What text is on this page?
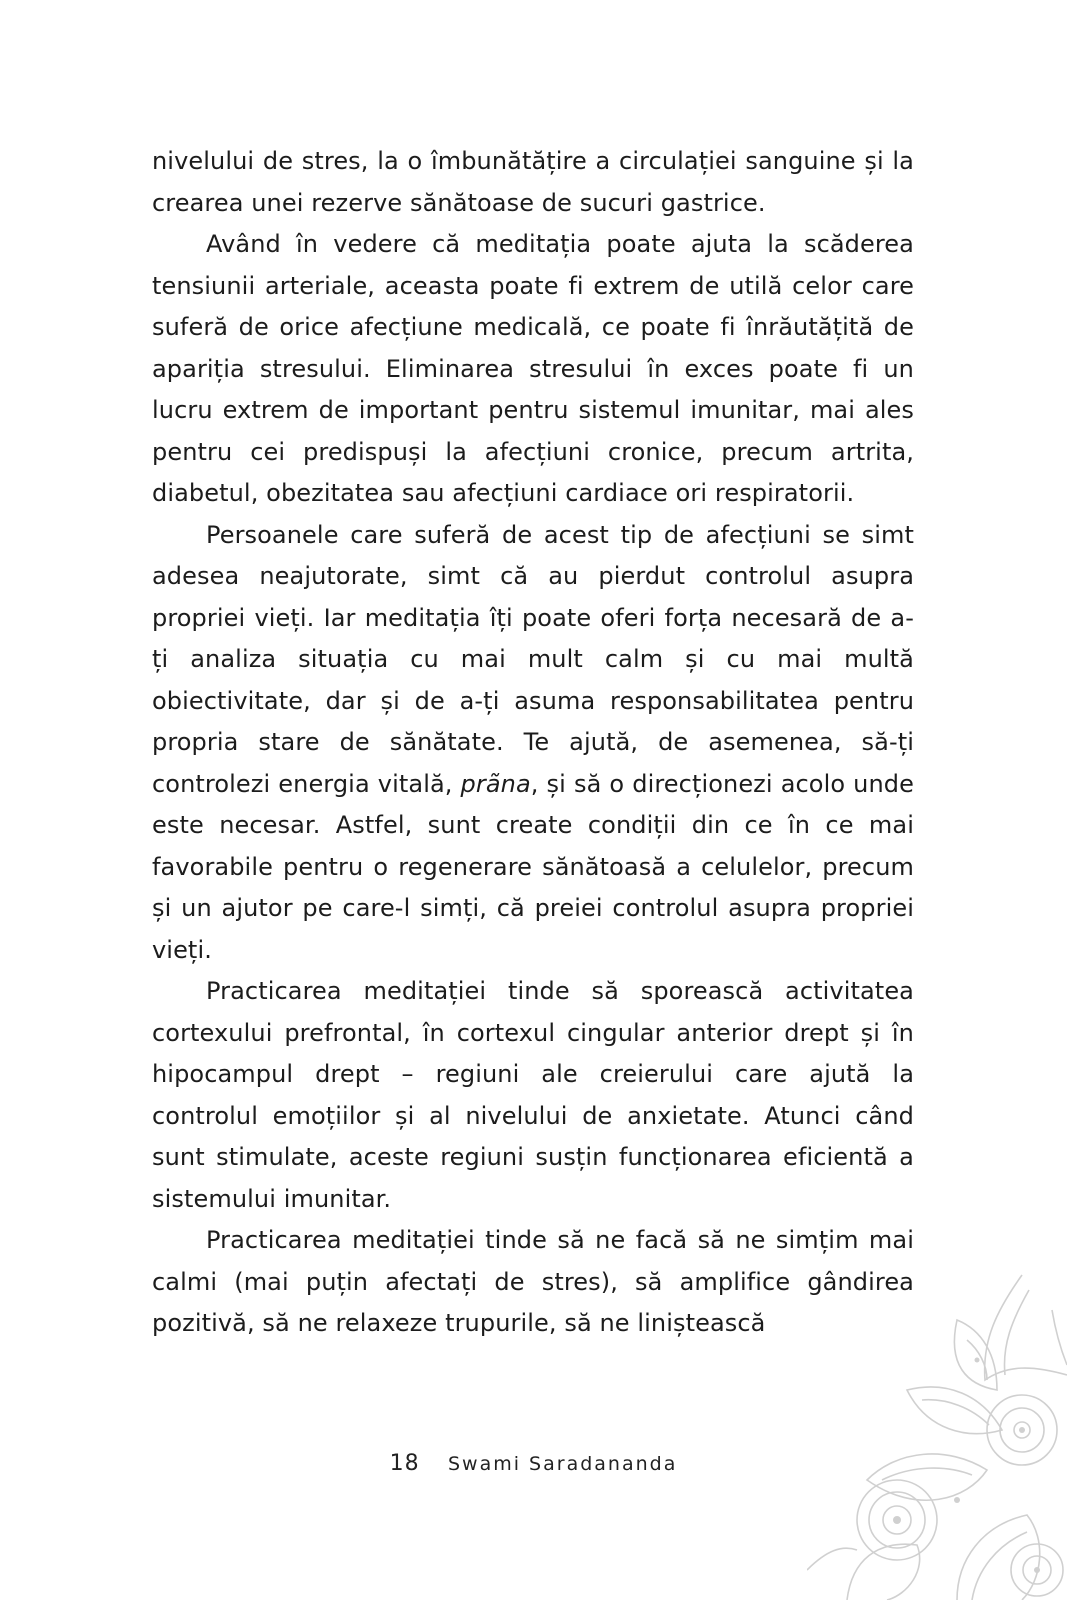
nivelului de stres, la o îmbunătățire a circulației sanguine și la crearea unei rezerve sănătoase de sucuri gastrice.

Având în vedere că meditația poate ajuta la scăderea tensiunii arteriale, aceasta poate fi extrem de utilă celor care suferă de orice afecțiune medicală, ce poate fi înrăutățită de apariția stresului. Eliminarea stresului în exces poate fi un lucru extrem de important pentru sistemul imunitar, mai ales pentru cei predispuși la afecțiuni cronice, precum artrita, diabetul, obezitatea sau afecțiuni cardiace ori respiratorii.

Persoanele care suferă de acest tip de afecțiuni se simt adesea neajutorate, simt că au pierdut controlul asupra propriei vieți. Iar meditația îți poate oferi forța necesară de a-ți analiza situația cu mai mult calm și cu mai multă obiectivitate, dar și de a-ți asuma responsabilitatea pentru propria stare de sănătate. Te ajută, de asemenea, să-ți controlezi energia vitală, prãna, și să o direcționezi acolo unde este necesar. Astfel, sunt create condiții din ce în ce mai favorabile pentru o regenerare sănătoasă a celulelor, precum și un ajutor pe care-l simți, că preiei controlul asupra propriei vieți.

Practicarea meditației tinde să sporească activitatea cortexului prefrontal, în cortexul cingular anterior drept și în hipocampul drept – regiuni ale creierului care ajută la controlul emoțiilor și al nivelului de anxietate. Atunci când sunt stimulate, aceste regiuni susțin funcționarea eficientă a sistemului imunitar.

Practicarea meditației tinde să ne facă să ne simțim mai calmi (mai puțin afectați de stres), să amplifice gândirea pozitivă, să ne relaxeze trupurile, să ne liniștească

18 Swami Saradananda
